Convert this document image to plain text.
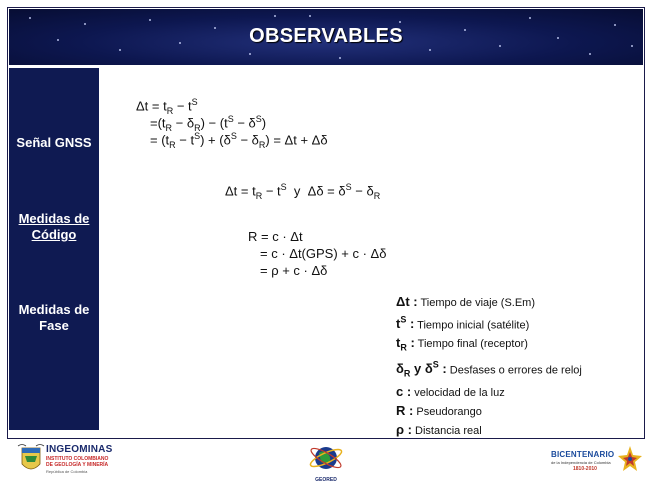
OBSERVABLES
Señal GNSS
Medidas de
Código
Medidas de
Fase
$\Delta t = t_R - t^S$
$=(t_R - \delta_R) - (t^S - \delta^S)$
= $(t_R - t^S) + (\delta^S - \delta_R) = \Delta t + \Delta\delta$
$\Delta t = t_R - t^S$  y  $\Delta\delta = \delta^S - \delta_R$
R = c · Δt
= c · Δt(GPS) + c · Δδ
= ρ + c · Δδ
Δt : Tiempo de viaje (S.Em)
$t^S$ : Tiempo inicial (satélite)
$t_R$ : Tiempo final (receptor)
$\delta_R$ y $\delta^S$ : Desfases o errores de reloj
c : velocidad de la luz
R : Pseudorango
ρ : Distancia real
INGEOMINAS
INSTITUTO COLOMBIANO
DE GEOLOGÍA Y MINERÍA
República de Colombia
GEORED
BICENTENARIO
de la Independencia de Colombia
1810-2010
